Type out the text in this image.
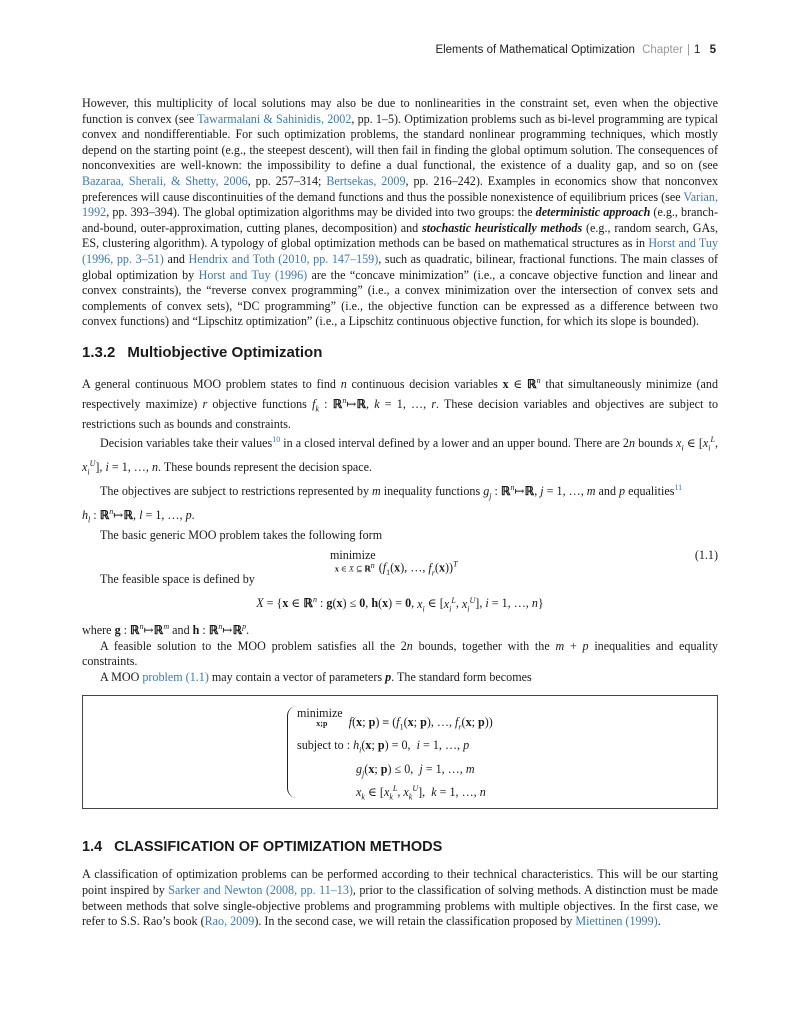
Elements of Mathematical Optimization Chapter | 1 5

However, this multiplicity of local solutions may also be due to nonlinearities in the constraint set, even when the objective function is convex (see Tawarmalani & Sahinidis, 2002, pp. 1–5). Optimization problems such as bi-level programming are typical convex and nondifferentiable. For such optimization problems, the standard nonlinear programming techniques, which mostly depend on the starting point (e.g., the steepest descent), will then fail in finding the global optimum solution. The consequences of nonconvexities are well-known: the impossibility to define a dual functional, the existence of a duality gap, and so on (see Bazaraa, Sherali, & Shetty, 2006, pp. 257–314; Bertsekas, 2009, pp. 216–242). Examples in economics show that nonconvex preferences will cause discontinuities of the demand functions and thus the possible nonexistence of equilibrium prices (see Varian, 1992, pp. 393–394). The global optimization algorithms may be divided into two groups: the deterministic approach (e.g., branch-and-bound, outer-approximation, cutting planes, decomposition) and stochastic heuristically methods (e.g., random search, GAs, ES, clustering algorithm). A typology of global optimization methods can be based on mathematical structures as in Horst and Tuy (1996, pp. 3–51) and Hendrix and Toth (2010, pp. 147–159), such as quadratic, bilinear, fractional functions. The main classes of global optimization by Horst and Tuy (1996) are the “concave minimization” (i.e., a concave objective function and linear and convex constraints), the “reverse convex programming” (i.e., a convex minimization over the intersection of convex sets and complements of convex sets), “DC programming” (i.e., the objective function can be expressed as a difference between two convex functions) and “Lipschitz optimization” (i.e., a Lipschitz continuous objective function, for which its slope is bounded).

1.3.2 Multiobjective Optimization

A general continuous MOO problem states to find n continuous decision variables x ∈ ℝ$^n$ that simultaneously minimize (and respectively maximize) r objective functions $f_k$ : ℝ$^n$↦ℝ, k = 1, …, r. These decision variables and objectives are subject to restrictions such as bounds and constraints.

Decision variables take their values$^{10}$ in a closed interval defined by a lower and an upper bound. There are 2n bounds $x_i$ ∈ [$x_i^L$, $x_i^U$], i = 1, …, n. These bounds represent the decision space.

The objectives are subject to restrictions represented by m inequality functions $g_j$ : ℝ$^n$↦ℝ, j = 1, …, m and p equalities$^{11}$
$h_l$ : ℝ$^n$↦ℝ, l = 1, …, p.

The basic generic MOO problem takes the following form

minimize
x ∈ X ⊆ ℝ$^n$ ($f_1(x)$, …, $f_r(x))^T$
(1.1)

The feasible space is defined by

X = {x ∈ ℝ$^n$ : g(x) ≤ 0, h(x) = 0, $x_i$ ∈ [$x_i^L$, $x_i^U$], i = 1, …, n}

where g : ℝ$^n$↦ℝ$^m$ and h : ℝ$^n$↦ℝ$^p$.

A feasible solution to the MOO problem satisfies all the 2n bounds, together with the m + p inequalities and equality constraints.

A MOO problem (1.1) may contain a vector of parameters p. The standard form becomes

minimize
x;p	f(x; $p) \equiv (f_1(x$; p), …, $f_r(x$; p))
subject to : $h_i(x$; p) = 0,  i = 1, …, p
$g_j(x$; p) ≤ 0,  j = 1, …, m
$x_k$ ∈ [$x_k^L$, $x_k^U$],  k = 1, …, n
1.4 CLASSIFICATION OF OPTIMIZATION METHODS

A classification of optimization problems can be performed according to their technical characteristics. This will be our starting point inspired by Sarker and Newton (2008, pp. 11–13), prior to the classification of solving methods. A distinction must be made between methods that solve single-objective problems and programming problems with multiple objectives. In the first case, we refer to S.S. Rao’s book (Rao, 2009). In the second case, we will retain the classification proposed by Miettinen (1999).
